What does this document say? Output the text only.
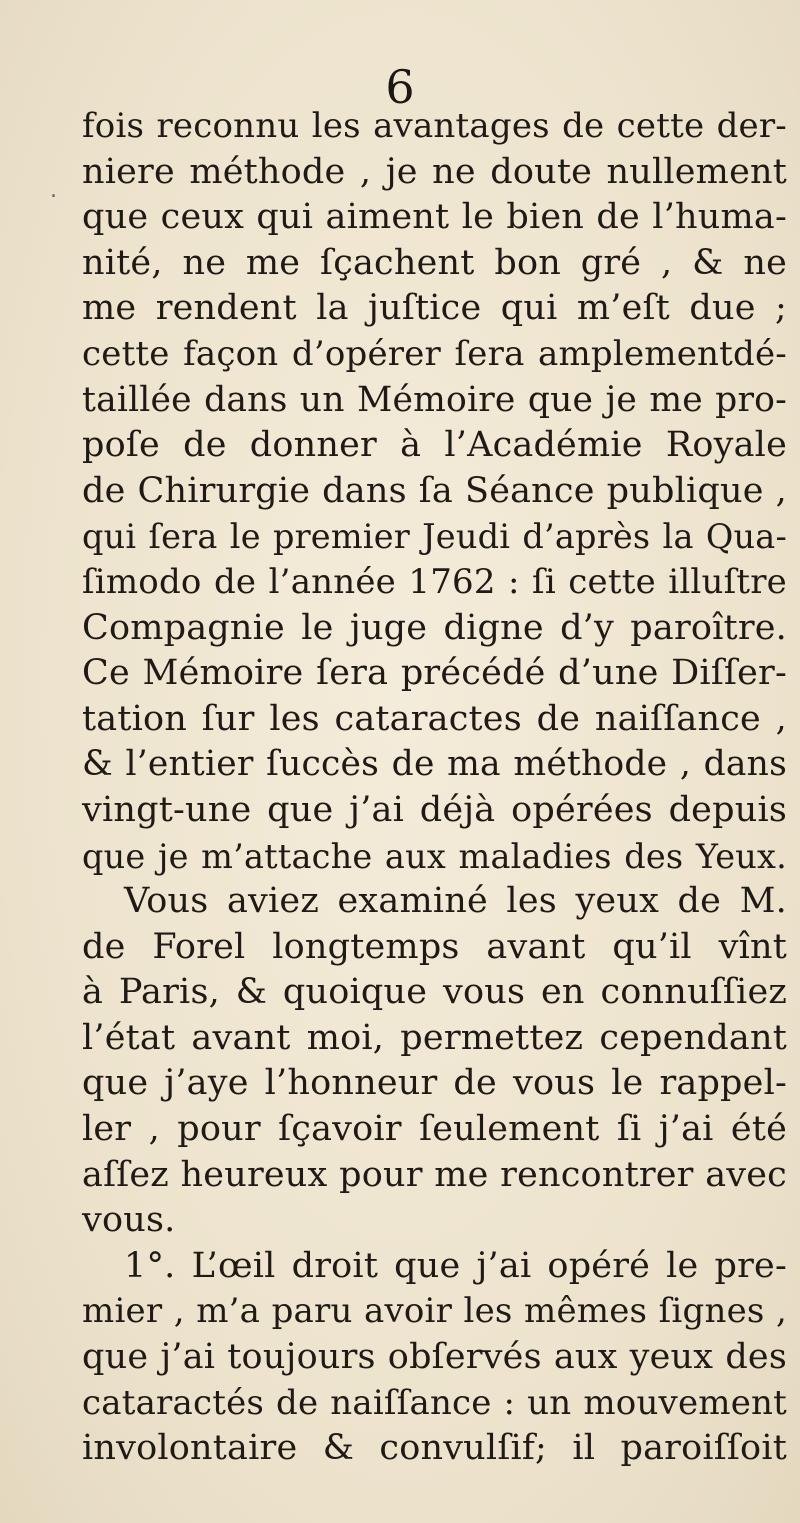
6
.
fois reconnu les avantages de cette der-
niere méthode , je ne doute nullement
que ceux qui aiment le bien de l’huma-
nité, ne me ſçachent bon gré , & ne
me rendent la juſtice qui m’eſt due ;
cette façon d’opérer ſera amplementdé-
taillée dans un Mémoire que je me pro-
poſe de donner à l’Académie Royale
de Chirurgie dans ſa Séance publique ,
qui ſera le premier Jeudi d’après la Qua-
ſimodo de l’année 1762 : ſi cette illuſtre
Compagnie le juge digne d’y paroître.
Ce Mémoire ſera précédé d’une Diſſer-
tation ſur les cataractes de naiſſance ,
& l’entier ſuccès de ma méthode , dans
vingt-une que j’ai déjà opérées depuis
que je m’attache aux maladies des Yeux.
Vous aviez examiné les yeux de M.
de Forel longtemps avant qu’il vînt
à Paris, & quoique vous en connuſſiez
l’état avant moi, permettez cependant
que j’aye l’honneur de vous le rappel-
ler , pour ſçavoir ſeulement ſi j’ai été
aſſez heureux pour me rencontrer avec
vous.
1°. L’œil droit que j’ai opéré le pre-
mier , m’a paru avoir les mêmes ſignes ,
que j’ai toujours obſervés aux yeux des
cataractés de naiſſance : un mouvement
involontaire & convulſif; il paroiſſoit
